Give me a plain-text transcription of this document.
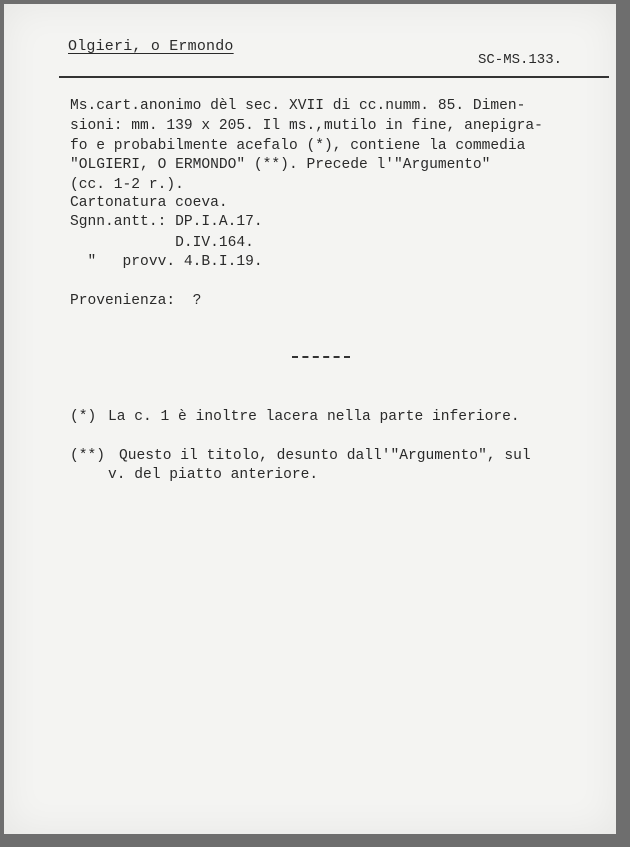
Olgieri, o Ermondo
SC-MS.133.
Ms.cart.anonimo dèl sec. XVII di cc.numm. 85. Dimen-
sioni: mm. 139 x 205. Il ms.,mutilo in fine, anepigra-
fo e probabilmente acefalo (*), contiene la commedia
"OLGIERI, O ERMONDO" (**). Precede l'"Argumento"
(cc. 1-2 r.).
Cartonatura coeva.
Sgnn.antt.: DP.I.A.17.
D.IV.164.
"   provv. 4.B.I.19.
Provenienza:  ?
(*) La c. 1 è inoltre lacera nella parte inferiore.
(**) Questo il titolo, desunto dall'"Argumento", sul
v. del piatto anteriore.
